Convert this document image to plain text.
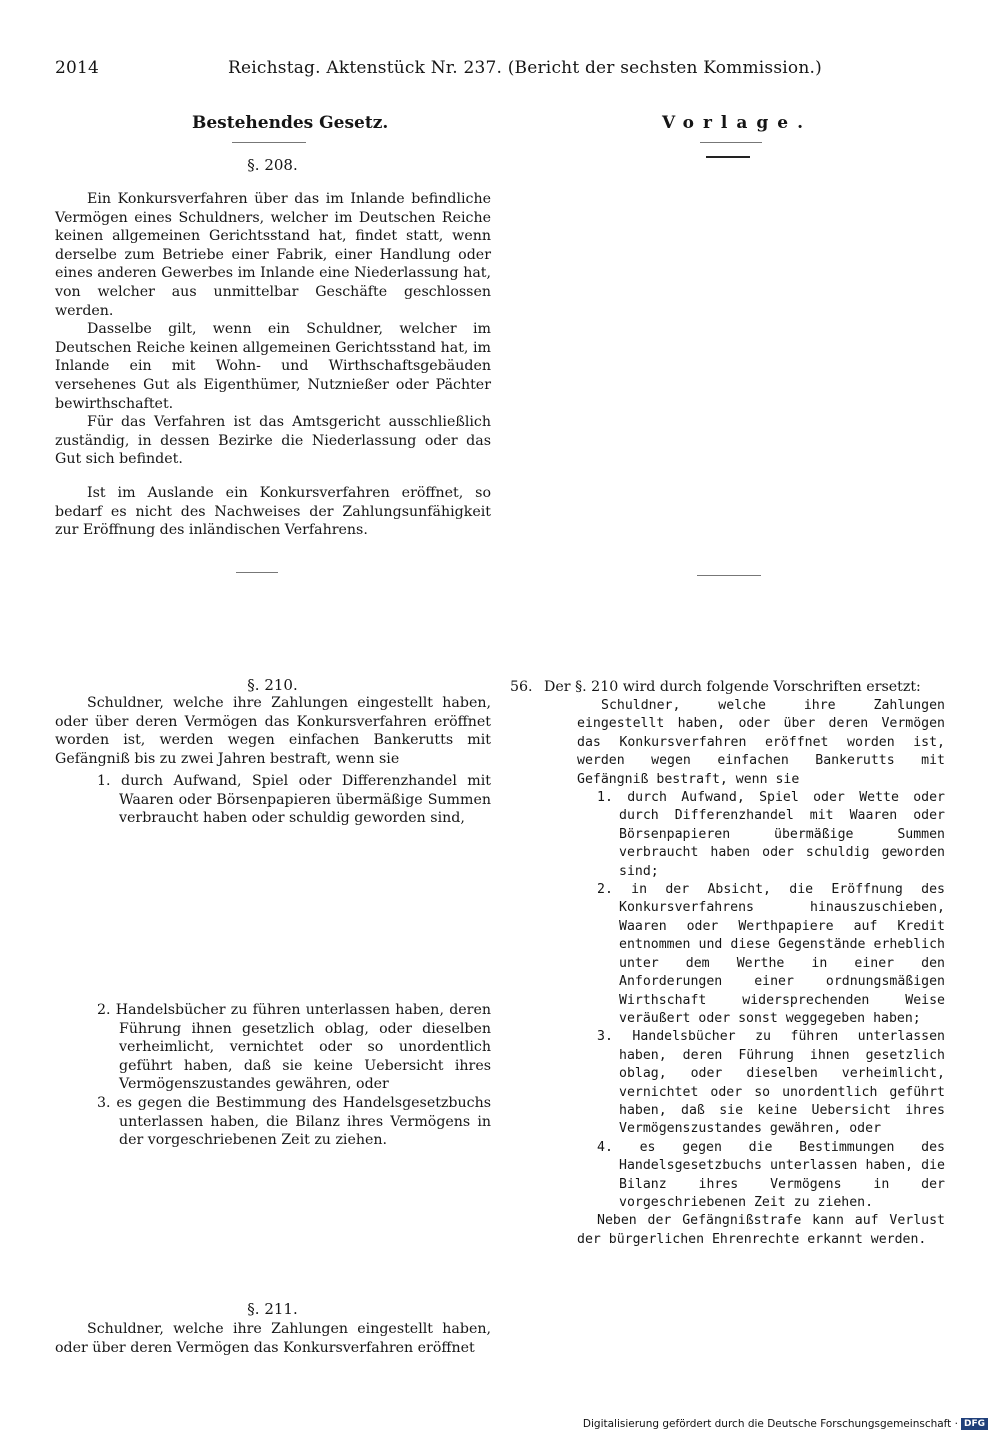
2014	Reichstag. Aktenstück Nr. 237. (Bericht der sechsten Kommission.)
Bestehendes Gesetz.	Vorlage.
§. 208.

Ein Konkursverfahren über das im Inlande befindliche Vermögen eines Schuldners, welcher im Deutschen Reiche keinen allgemeinen Gerichtsstand hat, findet statt, wenn derselbe zum Betriebe einer Fabrik, einer Handlung oder eines anderen Gewerbes im Inlande eine Niederlassung hat, von welcher aus unmittelbar Geschäfte geschlossen werden.

Dasselbe gilt, wenn ein Schuldner, welcher im Deutschen Reiche keinen allgemeinen Gerichtsstand hat, im Inlande ein mit Wohn- und Wirthschaftsgebäuden versehenes Gut als Eigenthümer, Nutznießer oder Pächter bewirthschaftet.

Für das Verfahren ist das Amtsgericht ausschließlich zuständig, in dessen Bezirke die Niederlassung oder das Gut sich befindet.

Ist im Auslande ein Konkursverfahren eröffnet, so bedarf es nicht des Nachweises der Zahlungsunfähigkeit zur Eröffnung des inländischen Verfahrens.

§. 210.

Schuldner, welche ihre Zahlungen eingestellt haben, oder über deren Vermögen das Konkursverfahren eröffnet worden ist, werden wegen einfachen Bankerutts mit Gefängniß bis zu zwei Jahren bestraft, wenn sie

1. durch Aufwand, Spiel oder Differenzhandel mit Waaren oder Börsenpapieren übermäßige Summen verbraucht haben oder schuldig geworden sind,

2. Handelsbücher zu führen unterlassen haben, deren Führung ihnen gesetzlich oblag, oder dieselben verheimlicht, vernichtet oder so unordentlich geführt haben, daß sie keine Uebersicht ihres Vermögenszustandes gewähren, oder

3. es gegen die Bestimmung des Handelsgesetzbuchs unterlassen haben, die Bilanz ihres Vermögens in der vorgeschriebenen Zeit zu ziehen.

§. 211.

Schuldner, welche ihre Zahlungen eingestellt haben, oder über deren Vermögen das Konkursverfahren eröffnet

56. Der §. 210 wird durch folgende Vorschriften ersetzt:

Schuldner, welche ihre Zahlungen eingestellt haben, oder über deren Vermögen das Konkursverfahren eröffnet worden ist, werden wegen einfachen Bankerutts mit Gefängniß bestraft, wenn sie

1. durch Aufwand, Spiel oder Wette oder durch Differenzhandel mit Waaren oder Börsenpapieren übermäßige Summen verbraucht haben oder schuldig geworden sind;

2. in der Absicht, die Eröffnung des Konkursverfahrens hinauszuschieben, Waaren oder Werthpapiere auf Kredit entnommen und diese Gegenstände erheblich unter dem Werthe in einer den Anforderungen einer ordnungsmäßigen Wirthschaft widersprechenden Weise veräußert oder sonst weggegeben haben;

3. Handelsbücher zu führen unterlassen haben, deren Führung ihnen gesetzlich oblag, oder dieselben verheimlicht, vernichtet oder so unordentlich geführt haben, daß sie keine Uebersicht ihres Vermögenszustandes gewähren, oder

4. es gegen die Bestimmungen des Handelsgesetzbuchs unterlassen haben, die Bilanz ihres Vermögens in der vorgeschriebenen Zeit zu ziehen.

Neben der Gefängnißstrafe kann auf Verlust der bürgerlichen Ehrenrechte erkannt werden.

Digitalisierung gefördert durch die Deutsche Forschungsgemeinschaft · DFG
